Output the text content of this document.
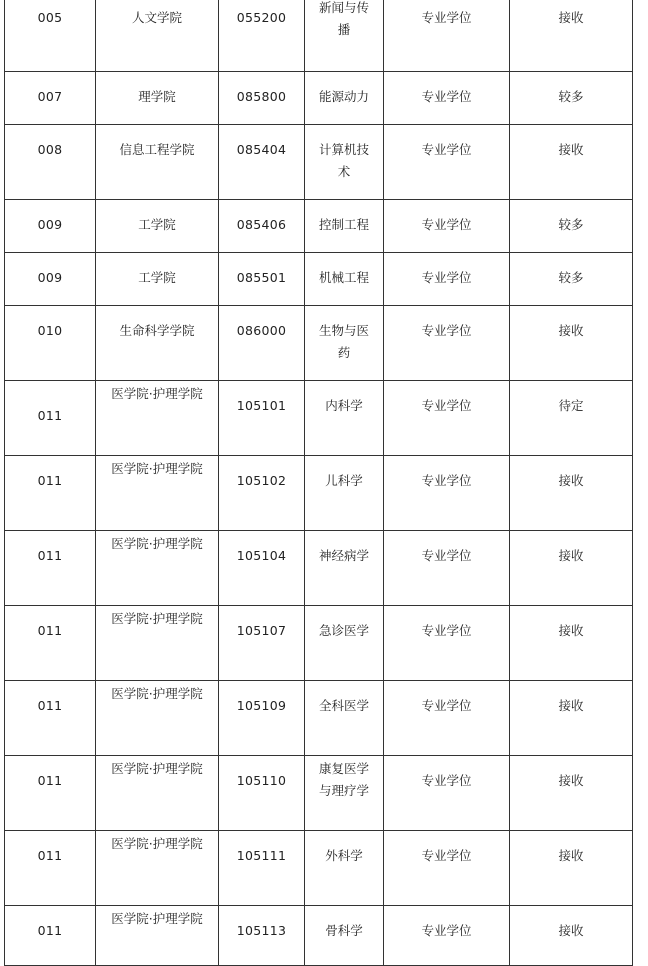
005	人文学院	055200	新闻与传播	专业学位	接收

007	理学院	085800	能源动力	专业学位	较多

008	信息工程学院	085404	计算机技术	专业学位	接收

009	工学院	085406	控制工程	专业学位	较多

009	工学院	085501	机械工程	专业学位	较多

010	生命科学学院	086000	生物与医药	专业学位	接收

011	医学院·护理学院	105101	内科学	专业学位	待定

011	医学院·护理学院	105102	儿科学	专业学位	接收

011	医学院·护理学院	105104	神经病学	专业学位	接收

011	医学院·护理学院	105107	急诊医学	专业学位	接收

011	医学院·护理学院	105109	全科医学	专业学位	接收

011	医学院·护理学院	105110	康复医学与理疗学	专业学位	接收

011	医学院·护理学院	105111	外科学	专业学位	接收

011	医学院·护理学院	105113	骨科学	专业学位	接收
